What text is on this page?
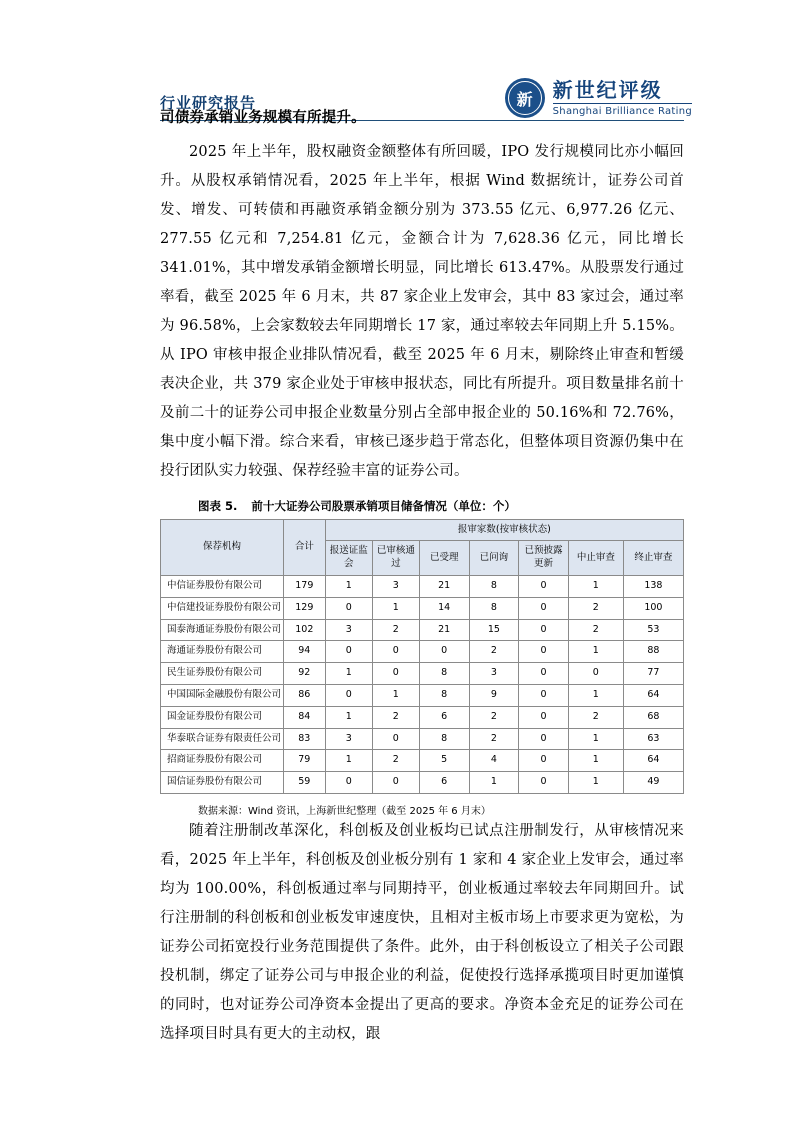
行业研究报告	新	新世纪评级
Shanghai Brilliance Rating
司债券承销业务规模有所提升。

2025 年上半年，股权融资金额整体有所回暖，IPO 发行规模同比亦小幅回升。从股权承销情况看，2025 年上半年，根据 Wind 数据统计，证券公司首发、增发、可转债和再融资承销金额分别为 373.55 亿元、6,977.26 亿元、277.55 亿元和 7,254.81 亿元，金额合计为 7,628.36 亿元，同比增长 341.01%，其中增发承销金额增长明显，同比增长 613.47%。从股票发行通过率看，截至 2025 年 6 月末，共 87 家企业上发审会，其中 83 家过会，通过率为 96.58%，上会家数较去年同期增长 17 家，通过率较去年同期上升 5.15%。从 IPO 审核申报企业排队情况看，截至 2025 年 6 月末，剔除终止审查和暂缓表决企业，共 379 家企业处于审核申报状态，同比有所提升。项目数量排名前十及前二十的证券公司申报企业数量分别占全部申报企业的 50.16%和 72.76%，集中度小幅下滑。综合来看，审核已逐步趋于常态化，但整体项目资源仍集中在投行团队实力较强、保荐经验丰富的证券公司。

图表 5. 前十大证券公司股票承销项目储备情况（单位：个）
保荐机构	合计	报审家数(按审核状态)						
		报送证监会	已审核通过	已受理	已问询	已预披露更新	中止审查	终止审查
中信证券股份有限公司	179	1	3	21	8	0	1	138
中信建投证券股份有限公司	129	0	1	14	8	0	2	100
国泰海通证券股份有限公司	102	3	2	21	15	0	2	53
海通证券股份有限公司	94	0	0	0	2	0	1	88
民生证券股份有限公司	92	1	0	8	3	0	0	77
中国国际金融股份有限公司	86	0	1	8	9	0	1	64
国金证券股份有限公司	84	1	2	6	2	0	2	68
华泰联合证券有限责任公司	83	3	0	8	2	0	1	63
招商证券股份有限公司	79	1	2	5	4	0	1	64
国信证券股份有限公司	59	0	0	6	1	0	1	49
数据来源：Wind 资讯，上海新世纪整理（截至 2025 年 6 月末）

随着注册制改革深化，科创板及创业板均已试点注册制发行，从审核情况来看，2025 年上半年，科创板及创业板分别有 1 家和 4 家企业上发审会，通过率均为 100.00%，科创板通过率与同期持平，创业板通过率较去年同期回升。试行注册制的科创板和创业板发审速度快，且相对主板市场上市要求更为宽松，为证券公司拓宽投行业务范围提供了条件。此外，由于科创板设立了相关子公司跟投机制，绑定了证券公司与申报企业的利益，促使投行选择承揽项目时更加谨慎的同时，也对证券公司净资本金提出了更高的要求。净资本金充足的证券公司在选择项目时具有更大的主动权，跟
